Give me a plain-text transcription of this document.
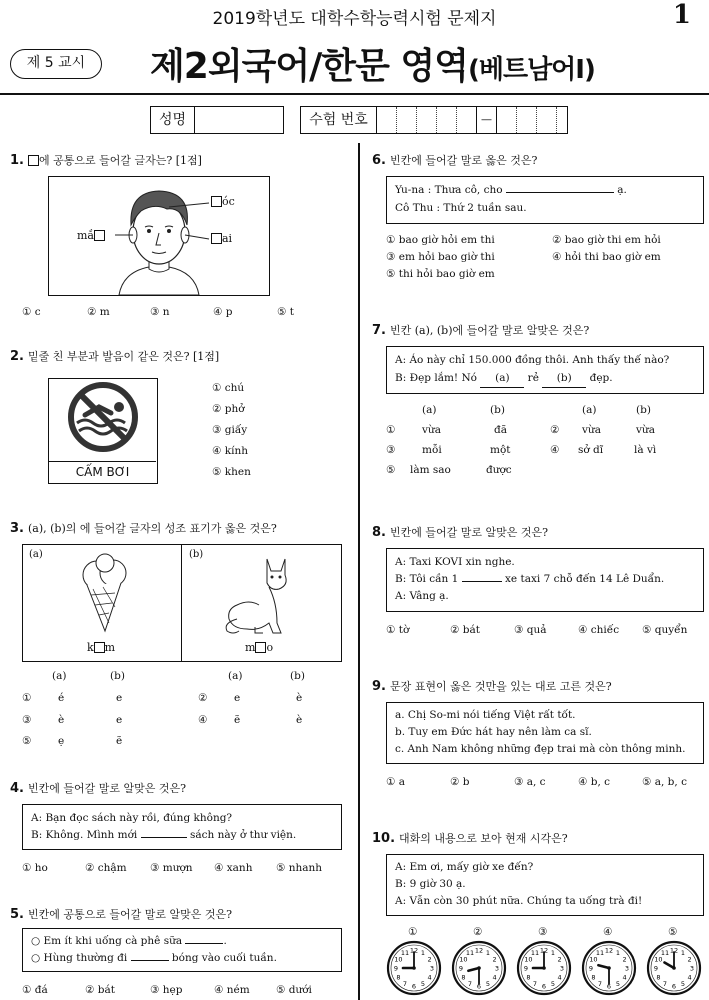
2019학년도 대학수학능력시험 문제지	1
제 5 교시	제2외국어/한문 영역(베트남어Ⅰ)
성명	수험 번호	—
1. 에 공통으로 들어갈 글자는? [1점]
óc
ai
mắ
① c	② m	③ n	④ p	⑤ t
2. 밑줄 친 부분과 발음이 같은 것은? [1점]
CẤM BƠI
① chú
② phở
③ giấy
④ kính
⑤ khen
3. (a), (b)의 에 들어갈 글자의 성조 표기가 옳은 것은?
(a)	(b)
k m	m o
(a)	(b)	(a)	(b)
①	é	e	②	e	è
③	è	e	④	ẽ	è
⑤	ẹ	ẽ
4. 빈칸에 들어갈 말로 알맞은 것은?
A: Bạn đọc sách này rồi, đúng không?
B: Không. Mình mới	sách này ở thư viện.
① ho	② chậm ③ mượn ④ xanh ⑤ nhanh
5. 빈칸에 공통으로 들어갈 말로 알맞은 것은?
○ Em ít khi uống cà phê sữa	.
○ Hùng thường đi	bóng vào cuối tuần.
① đá	② bát	③ hẹp	④ ném	⑤ dưới
6. 빈칸에 들어갈 말로 옳은 것은?
Yu-na : Thưa cô, cho	ạ.
Cô Thu : Thứ 2 tuần sau.
① bao giờ hỏi em thi	② bao giờ thi em hỏi
③ em hỏi bao giờ thi	④ hỏi thi bao giờ em
⑤ thi hỏi bao giờ em
7. 빈칸 (a), (b)에 들어갈 말로 알맞은 것은?
A: Áo này chỉ 150.000 đồng thôi. Anh thấy thế nào?
B: Đẹp lắm! Nó (a) rẻ (b) đẹp.
(a)	(b)	(a)	(b)
①	vừa	đã	② vừa	vừa
③	mỗi	một	④ sở dĩ	là vì
⑤ làm sao	được
8. 빈칸에 들어갈 말로 알맞은 것은?
A: Taxi KOVI xin nghe.
B: Tôi cần 1	xe taxi 7 chỗ đến 14 Lê Duẩn.
A: Vâng ạ.
① tờ	② bát	③ quả	④ chiếc ⑤ quyển
9. 문장 표현이 옳은 것만을 있는 대로 고른 것은?
a. Chị So-mi nói tiếng Việt rất tốt.
b. Tuy em Đức hát hay nên làm ca sĩ.
c. Anh Nam không những đẹp trai mà còn thông minh.
① a	② b	③ a, c	④ b, c	⑤ a, b, c
10. 대화의 내용으로 보아 현재 시각은?
A: Em ơi, mấy giờ xe đến?
B: 9 giờ 30 ạ.
A: Vẫn còn 30 phút nữa. Chúng ta uống trà đi!
①
1
2
3
4
5
6
7
8
9
10
11 12
②
1
2
3
4
5
6
7
8
9
10
11 12
③
1
2
3
4
5
6
7
8
9
10
11 12
④
1
2
3
4
5
6
7
8
9
10
11 12
⑤
1
2
3
4
5
6
7
8
9
10
11 12
